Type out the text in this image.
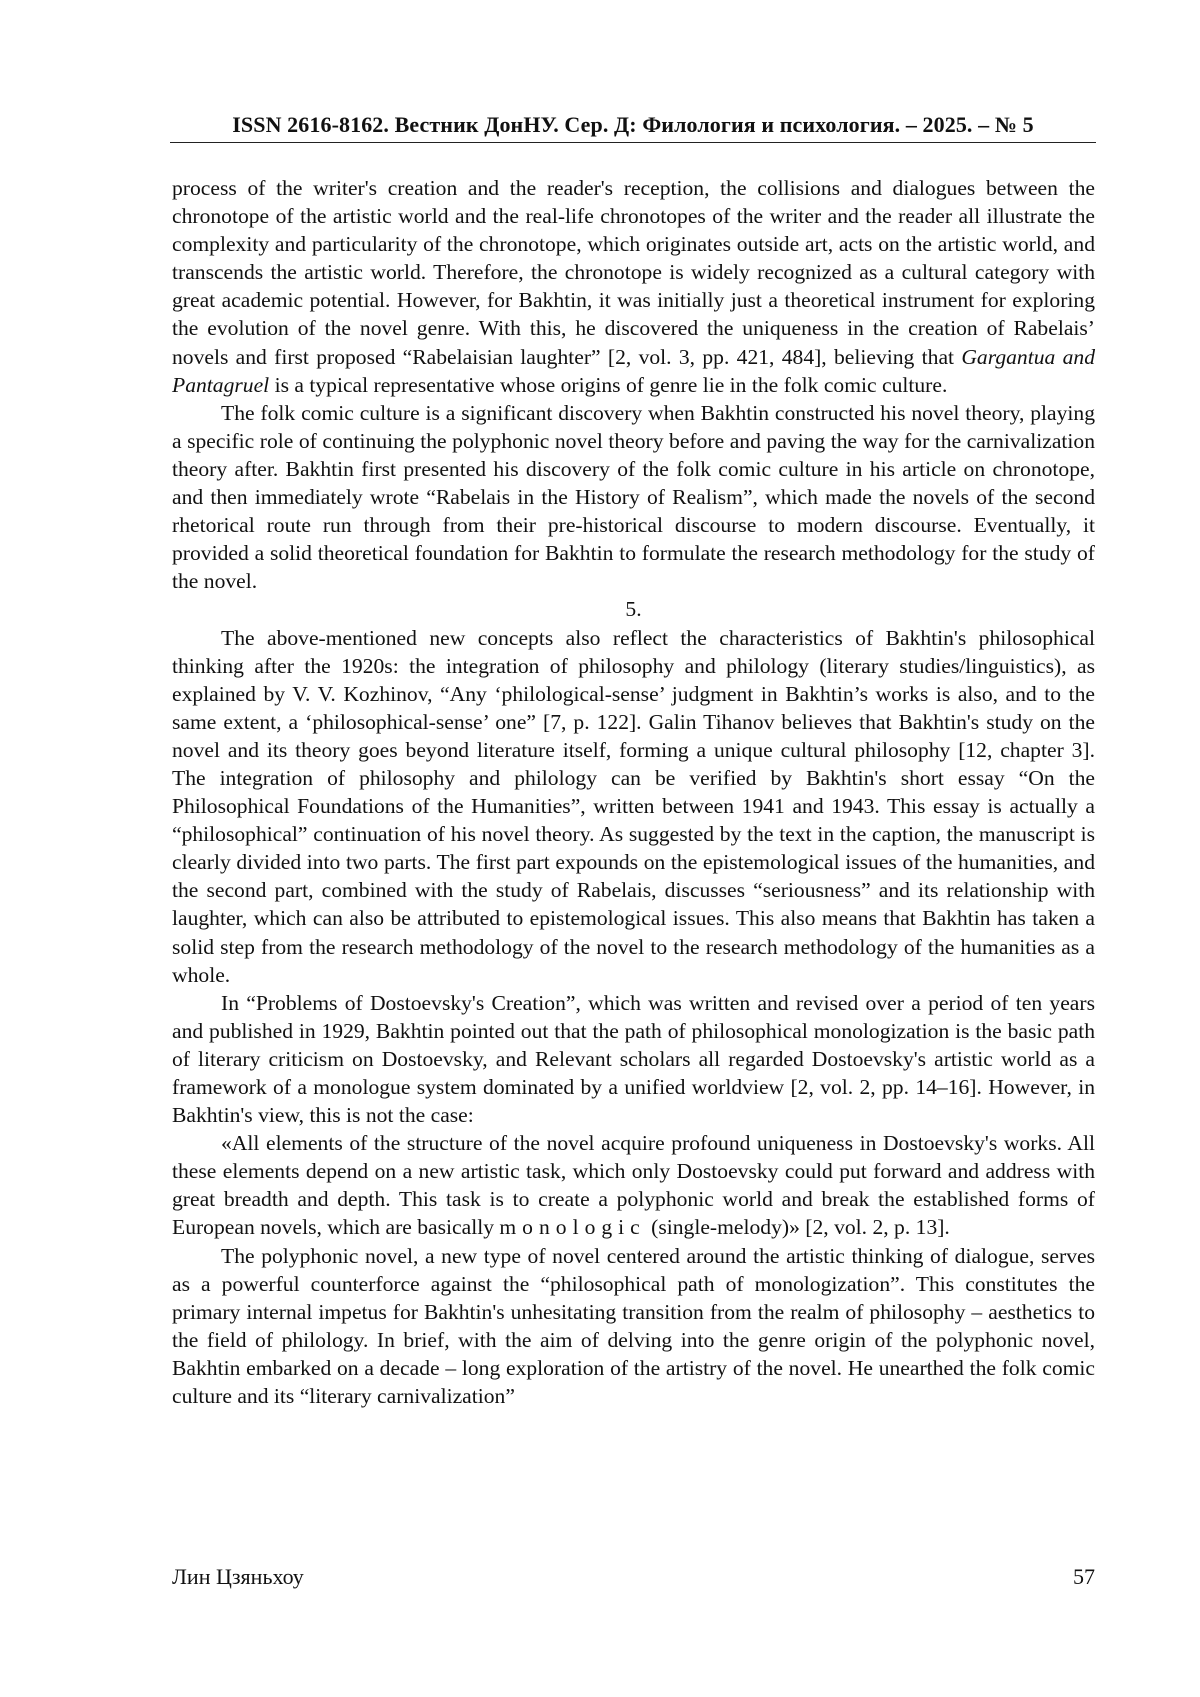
ISSN 2616-8162. Вестник ДонНУ. Сер. Д: Филология и психология. – 2025. – № 5

process of the writer's creation and the reader's reception, the collisions and dialogues between the chronotope of the artistic world and the real-life chronotopes of the writer and the reader all illustrate the complexity and particularity of the chronotope, which originates outside art, acts on the artistic world, and transcends the artistic world. Therefore, the chronotope is widely recognized as a cultural category with great academic potential. However, for Bakhtin, it was initially just a theoretical instrument for exploring the evolution of the novel genre. With this, he discovered the uniqueness in the creation of Rabelais’ novels and first proposed “Rabelaisian laughter” [2, vol. 3, pp. 421, 484], believing that Gargantua and Pantagruel is a typical representative whose origins of genre lie in the folk comic culture.

The folk comic culture is a significant discovery when Bakhtin constructed his novel theory, playing a specific role of continuing the polyphonic novel theory before and paving the way for the carnivalization theory after. Bakhtin first presented his discovery of the folk comic culture in his article on chronotope, and then immediately wrote “Rabelais in the History of Realism”, which made the novels of the second rhetorical route run through from their pre-historical discourse to modern discourse. Eventually, it provided a solid theoretical foundation for Bakhtin to formulate the research methodology for the study of the novel.

5.

The above-mentioned new concepts also reflect the characteristics of Bakhtin's philosophical thinking after the 1920s: the integration of philosophy and philology (literary studies/linguistics), as explained by V. V. Kozhinov, “Any ‘philological-sense’ judgment in Bakhtin’s works is also, and to the same extent, a ‘philosophical-sense’ one” [7, p. 122]. Galin Tihanov believes that Bakhtin's study on the novel and its theory goes beyond literature itself, forming a unique cultural philosophy [12, chapter 3]. The integration of philosophy and philology can be verified by Bakhtin's short essay “On the Philosophical Foundations of the Humanities”, written between 1941 and 1943. This essay is actually a “philosophical” continuation of his novel theory. As suggested by the text in the caption, the manuscript is clearly divided into two parts. The first part expounds on the epistemological issues of the humanities, and the second part, combined with the study of Rabelais, discusses “seriousness” and its relationship with laughter, which can also be attributed to epistemological issues. This also means that Bakhtin has taken a solid step from the research methodology of the novel to the research methodology of the humanities as a whole.

In “Problems of Dostoevsky's Creation”, which was written and revised over a period of ten years and published in 1929, Bakhtin pointed out that the path of philosophical monologization is the basic path of literary criticism on Dostoevsky, and Relevant scholars all regarded Dostoevsky's artistic world as a framework of a monologue system dominated by a unified worldview [2, vol. 2, pp. 14–16]. However, in Bakhtin's view, this is not the case:

«All elements of the structure of the novel acquire profound uniqueness in Dostoevsky's works. All these elements depend on a new artistic task, which only Dostoevsky could put forward and address with great breadth and depth. This task is to create a polyphonic world and break the established forms of European novels, which are basically monologic (single-melody)» [2, vol. 2, p. 13].

The polyphonic novel, a new type of novel centered around the artistic thinking of dialogue, serves as a powerful counterforce against the “philosophical path of monologization”. This constitutes the primary internal impetus for Bakhtin's unhesitating transition from the realm of philosophy – aesthetics to the field of philology. In brief, with the aim of delving into the genre origin of the polyphonic novel, Bakhtin embarked on a decade – long exploration of the artistry of the novel. He unearthed the folk comic culture and its “literary carnivalization”

Лин Цзяньхоу	57
